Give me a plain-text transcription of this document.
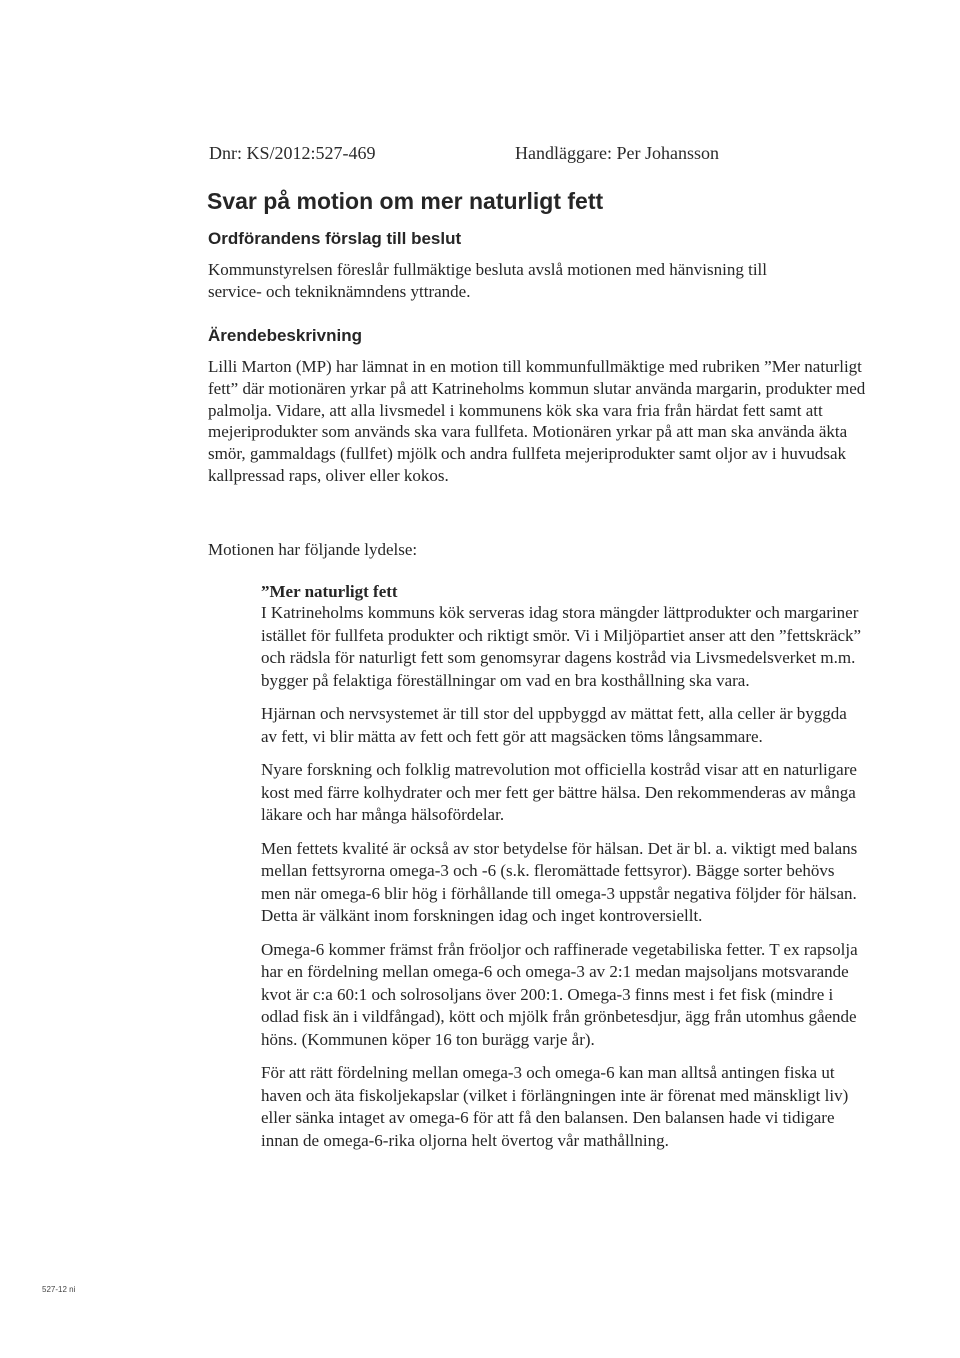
Dnr: KS/2012:527-469	Handläggare: Per Johansson
Svar på motion om mer naturligt fett
Ordförandens förslag till beslut
Kommunstyrelsen föreslår fullmäktige besluta avslå motionen med hänvisning till service- och tekniknämndens yttrande.
Ärendebeskrivning
Lilli Marton (MP) har lämnat in en motion till kommunfullmäktige med rubriken ”Mer naturligt fett” där motionären yrkar på att Katrineholms kommun slutar använda margarin, produkter med palmolja. Vidare, att alla livsmedel i kommunens kök ska vara fria från härdat fett samt att mejeriprodukter som används ska vara fullfeta. Motionären yrkar på att man ska använda äkta smör, gammaldags (fullfet) mjölk och andra fullfeta mejeriprodukter samt oljor av i huvudsak kallpressad raps, oliver eller kokos.
Motionen har följande lydelse:

”Mer naturligt fett

I Katrineholms kommuns kök serveras idag stora mängder lättprodukter och margariner istället för fullfeta produkter och riktigt smör. Vi i Miljöpartiet anser att den ”fettskräck” och rädsla för naturligt fett som genomsyrar dagens kostråd via Livsmedelsverket m.m. bygger på felaktiga föreställningar om vad en bra kosthållning ska vara.

Hjärnan och nervsystemet är till stor del uppbyggd av mättat fett, alla celler är byggda av fett, vi blir mätta av fett och fett gör att magsäcken töms långsammare.

Nyare forskning och folklig matrevolution mot officiella kostråd visar att en naturligare kost med färre kolhydrater och mer fett ger bättre hälsa. Den rekommenderas av många läkare och har många hälsofördelar.

Men fettets kvalité är också av stor betydelse för hälsan. Det är bl. a. viktigt med balans mellan fettsyrorna omega-3 och -6 (s.k. fleromättade fettsyror). Bägge sorter behövs men när omega-6 blir hög i förhållande till omega-3 uppstår negativa följder för hälsan. Detta är välkänt inom forskningen idag och inget kontroversiellt.

Omega-6 kommer främst från fröoljor och raffinerade vegetabiliska fetter. T ex rapsolja har en fördelning mellan omega-6 och omega-3 av 2:1 medan majsoljans motsvarande kvot är c:a 60:1 och solrosoljans över 200:1. Omega-3 finns mest i fet fisk (mindre i odlad fisk än i vildfångad), kött och mjölk från grönbetesdjur, ägg från utomhus gående höns. (Kommunen köper 16 ton burägg varje år).

För att rätt fördelning mellan omega-3 och omega-6 kan man alltså antingen fiska ut haven och äta fiskoljekapslar (vilket i förlängningen inte är förenat med mänskligt liv) eller sänka intaget av omega-6 för att få den balansen. Den balansen hade vi tidigare innan de omega-6-rika oljorna helt övertog vår mathållning.

527-12 ni
